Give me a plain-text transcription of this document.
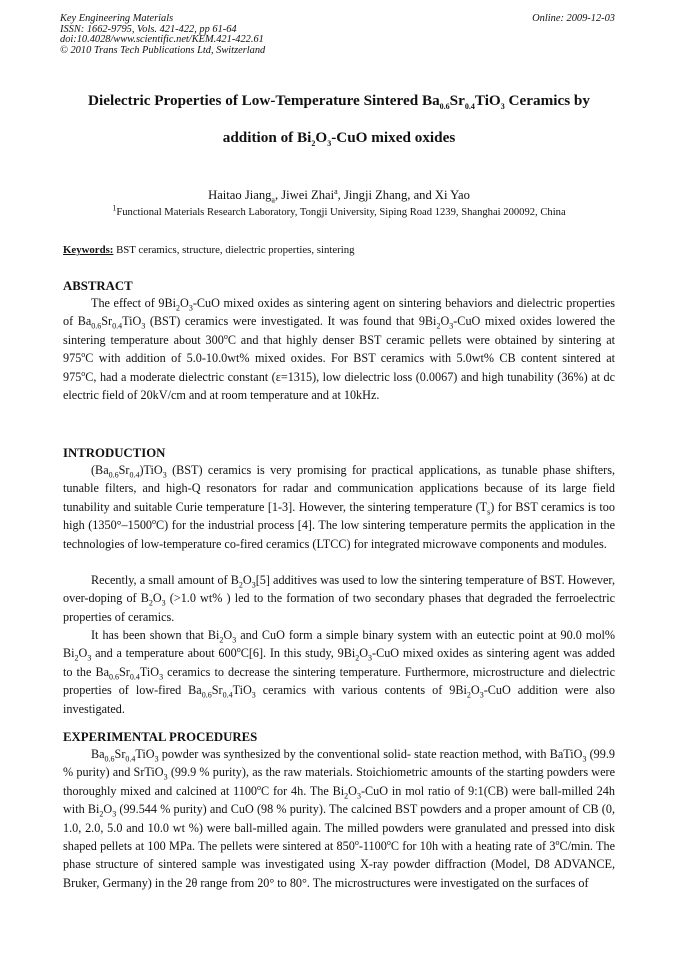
Key Engineering Materials
ISSN: 1662-9795, Vols. 421-422, pp 61-64
doi:10.4028/www.scientific.net/KEM.421-422.61
© 2010 Trans Tech Publications Ltd, Switzerland
Online: 2009-12-03
Dielectric Properties of Low-Temperature Sintered $Ba_{0.6}Sr_{0.4}TiO_3$ Ceramics by
addition of $Bi_2O_3$-CuO mixed oxides
Haitao Jiang$_a$, Jiwei Zhai$^a$, Jingji Zhang, and Xi Yao
$^1$Functional Materials Research Laboratory, Tongji University, Siping Road 1239, Shanghai 200092, China
Keywords: BST ceramics, structure, dielectric properties, sintering
ABSTRACT

The effect of $9Bi_2O_3$-CuO mixed oxides as sintering agent on sintering behaviors and dielectric properties of $Ba_{0.6}Sr_{0.4}TiO_3$ (BST) ceramics were investigated. It was found that $9Bi_2O_3$-CuO mixed oxides lowered the sintering temperature about 300$^o$C and that highly denser BST ceramic pellets were obtained by sintering at 975$^o$C with addition of 5.0-10.0wt% mixed oxides. For BST ceramics with 5.0wt% CB content sintered at 975$^o$C, had a moderate dielectric constant (ε=1315), low dielectric loss (0.0067) and high tunability (36%) at dc electric field of 20kV/cm and at room temperature and at 10kHz.

INTRODUCTION

$(Ba_{0.6}Sr_{0.4})TiO_3$ (BST) ceramics is very promising for practical applications, as tunable phase shifters, tunable filters, and high-Q resonators for radar and communication applications because of its large field tunability and suitable Curie temperature [1-3]. However, the sintering temperature $(T_s)$ for BST ceramics is too high (1350°–1500$^o$C) for the industrial process [4]. The low sintering temperature permits the application in the technologies of low-temperature co-fired ceramics (LTCC) for integrated microwave components and modules.

Recently, a small amount of $B_2O_3[5]$ additives was used to low the sintering temperature of BST. However, over-doping of $B_2O_3$ (>1.0 wt% ) led to the formation of two secondary phases that degraded the ferroelectric properties of ceramics.

It has been shown that $Bi_2O_3$ and CuO form a simple binary system with an eutectic point at 90.0 mol% $Bi_2O_3$ and a temperature about 600$^o$C[6]. In this study, $9Bi_2O_3$-CuO mixed oxides as sintering agent was added to the $Ba_{0.6}Sr_{0.4}TiO_3$ ceramics to decrease the sintering temperature. Furthermore, microstructure and dielectric properties of low-fired $Ba_{0.6}Sr_{0.4}TiO_3$ ceramics with various contents of $9Bi_2O_3$-CuO addition were also investigated.

EXPERIMENTAL PROCEDURES

$Ba_{0.6}Sr_{0.4}TiO_3$ powder was synthesized by the conventional solid- state reaction method, with BaTiO$_3$ (99.9 % purity) and SrTiO$_3$ (99.9 % purity), as the raw materials. Stoichiometric amounts of the starting powders were thoroughly mixed and calcined at 1100$^o$C for 4h. The $Bi_2O_3$-CuO in mol ratio of 9:1(CB) were ball-milled 24h with $Bi_2O_3$ (99.544 % purity) and CuO (98 % purity). The calcined BST powders and a proper amount of CB (0, 1.0, 2.0, 5.0 and 10.0 wt %) were ball-milled again. The milled powders were granulated and pressed into disk shaped pellets at 100 MPa. The pellets were sintered at 850$^o$-1100$^o$C for 10h with a heating rate of 3$^o$C/min. The phase structure of sintered sample was investigated using X-ray powder diffraction (Model, D8 ADVANCE, Bruker, Germany) in the 2θ range from 20° to 80°. The microstructures were investigated on the surfaces of
